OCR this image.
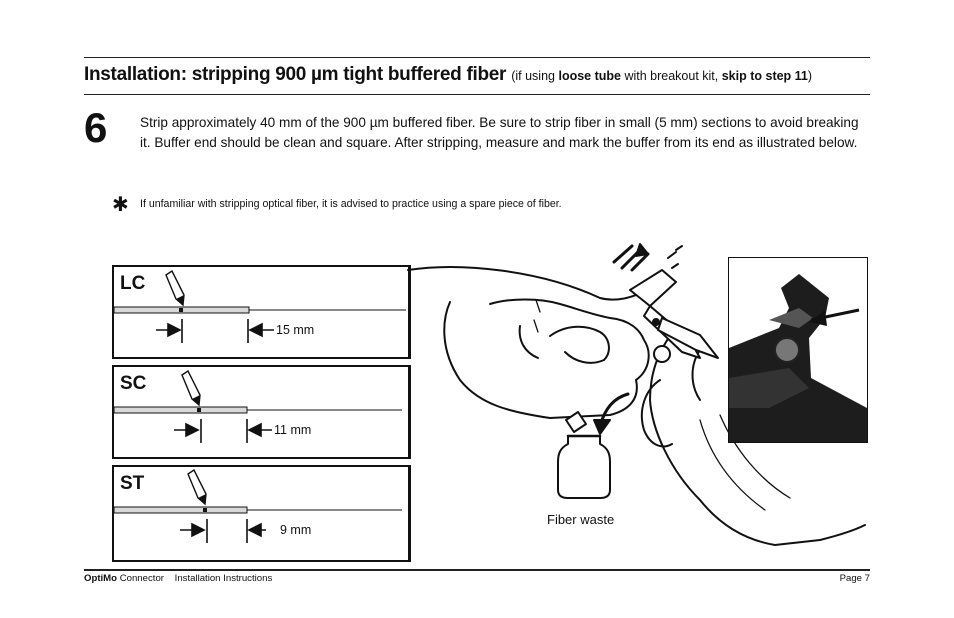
Installation: stripping 900 µm tight buffered fiber (if using loose tube with breakout kit, skip to step 11)
6 Strip approximately 40 mm of the 900 µm buffered fiber. Be sure to strip fiber in small (5 mm) sections to avoid breaking it. Buffer end should be clean and square. After stripping, measure and mark the buffer from its end as illustrated below.
✱ If unfamiliar with stripping optical fiber, it is advised to practice using a spare piece of fiber.
LC
15 mm
SC
11 mm
ST
9 mm
Fiber waste
OptiMo Connector Installation Instructions	Page 7
